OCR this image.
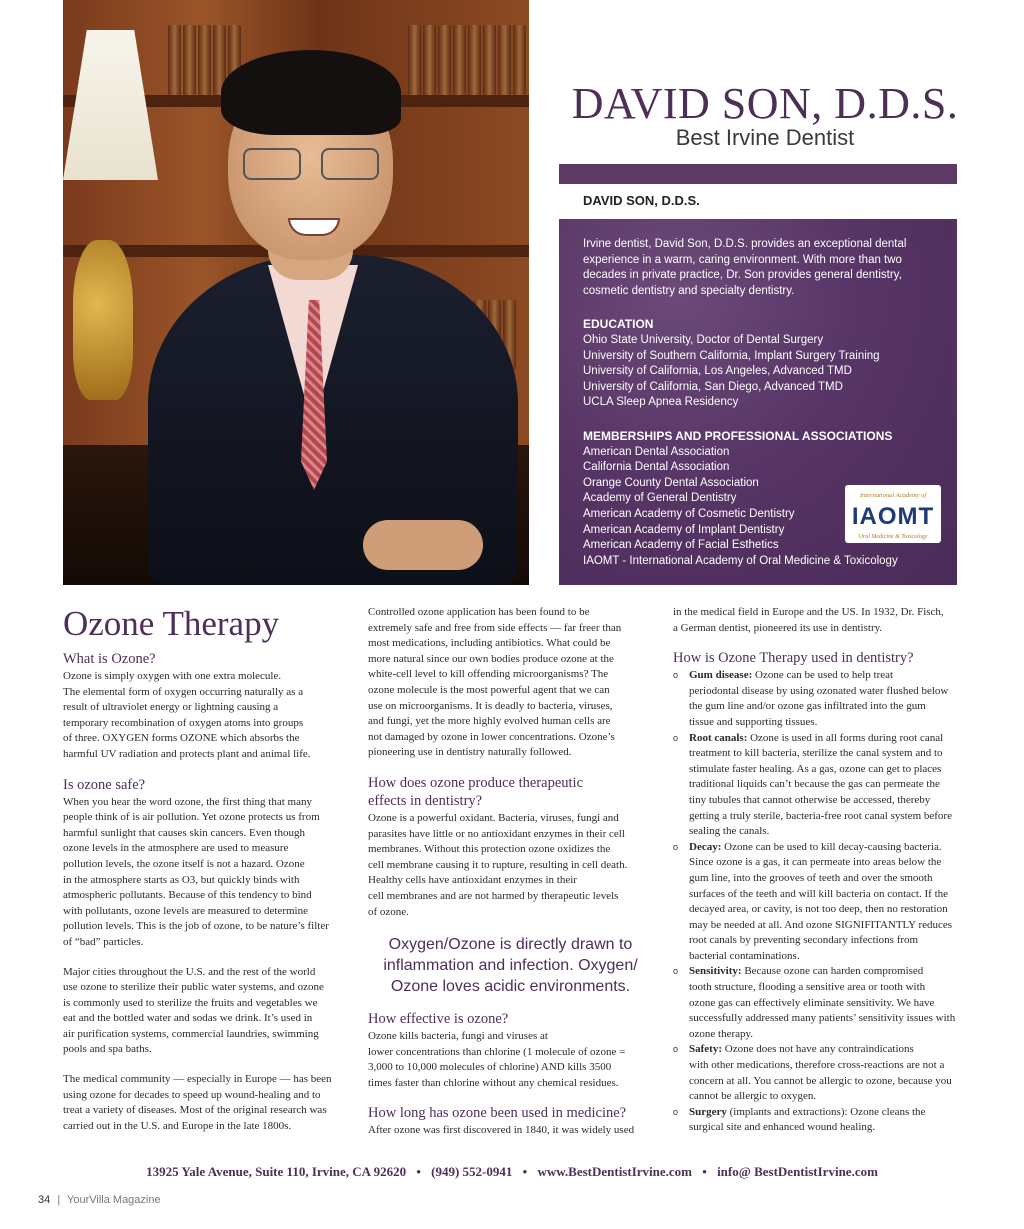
DAVID SON, D.D.S.
Best Irvine Dentist
DAVID SON, D.D.S.

Irvine dentist, David Son, D.D.S. provides an exceptional dental experience in a warm, caring environment. With more than two decades in private practice, Dr. Son provides general dentistry, cosmetic dentistry and specialty dentistry.

EDUCATION
Ohio State University, Doctor of Dental Surgery
University of Southern California, Implant Surgery Training
University of California, Los Angeles, Advanced TMD
University of California, San Diego, Advanced TMD
UCLA Sleep Apnea Residency
MEMBERSHIPS AND PROFESSIONAL ASSOCIATIONS
American Dental Association
California Dental Association
Orange County Dental Association
Academy of General Dentistry
American Academy of Cosmetic Dentistry
American Academy of Implant Dentistry
American Academy of Facial Esthetics
IAOMT - International Academy of Oral Medicine & Toxicology
International Academy of
IAOMT
Oral Medicine & Toxicology
Ozone Therapy
What is Ozone?

Ozone is simply oxygen with one extra molecule.

The elemental form of oxygen occurring naturally as a

result of ultraviolet energy or lightning causing a

temporary recombination of oxygen atoms into groups

of three. OXYGEN forms OZONE which absorbs the

harmful UV radiation and protects plant and animal life.

Is ozone safe?

When you hear the word ozone, the first thing that many

people think of is air pollution. Yet ozone protects us from

harmful sunlight that causes skin cancers. Even though

ozone levels in the atmosphere are used to measure

pollution levels, the ozone itself is not a hazard. Ozone

in the atmosphere starts as O3, but quickly binds with

atmospheric pollutants. Because of this tendency to bind

with pollutants, ozone levels are measured to determine

pollution levels. This is the job of ozone, to be nature’s filter

of “bad” particles.

Major cities throughout the U.S. and the rest of the world

use ozone to sterilize their public water systems, and ozone

is commonly used to sterilize the fruits and vegetables we

eat and the bottled water and sodas we drink. It’s used in

air purification systems, commercial laundries, swimming

pools and spa baths.

The medical community — especially in Europe — has been

using ozone for decades to speed up wound-healing and to

treat a variety of diseases. Most of the original research was

carried out in the U.S. and Europe in the late 1800s.

Controlled ozone application has been found to be

extremely safe and free from side effects — far freer than

most medications, including antibiotics. What could be

more natural since our own bodies produce ozone at the

white-cell level to kill offending microorganisms? The

ozone molecule is the most powerful agent that we can

use on microorganisms. It is deadly to bacteria, viruses,

and fungi, yet the more highly evolved human cells are

not damaged by ozone in lower concentrations. Ozone’s

pioneering use in dentistry naturally followed.

How does ozone produce therapeutic
effects in dentistry?

Ozone is a powerful oxidant. Bacteria, viruses, fungi and

parasites have little or no antioxidant enzymes in their cell

membranes. Without this protection ozone oxidizes the

cell membrane causing it to rupture, resulting in cell death.

Healthy cells have antioxidant enzymes in their

cell membranes and are not harmed by therapeutic levels

of ozone.

Oxygen/Ozone is directly drawn to
inflammation and infection. Oxygen/
Ozone loves acidic environments.
How effective is ozone?

Ozone kills bacteria, fungi and viruses at

lower concentrations than chlorine (1 molecule of ozone =

3,000 to 10,000 molecules of chlorine) AND kills 3500

times faster than chlorine without any chemical residues.

How long has ozone been used in medicine?

After ozone was first discovered in 1840, it was widely used

in the medical field in Europe and the US. In 1932, Dr. Fisch,

a German dentist, pioneered its use in dentistry.

How is Ozone Therapy used in dentistry?
o Gum disease: Ozone can be used to help treat
periodontal disease by using ozonated water flushed below
the gum line and/or ozone gas infiltrated into the gum
tissue and supporting tissues.
o Root canals: Ozone is used in all forms during root canal
treatment to kill bacteria, sterilize the canal system and to
stimulate faster healing. As a gas, ozone can get to places
traditional liquids can’t because the gas can permeate the
tiny tubules that cannot otherwise be accessed, thereby
getting a truly sterile, bacteria-free root canal system before
sealing the canals.
o Decay: Ozone can be used to kill decay-causing bacteria.
Since ozone is a gas, it can permeate into areas below the
gum line, into the grooves of teeth and over the smooth
surfaces of the teeth and will kill bacteria on contact. If the
decayed area, or cavity, is not too deep, then no restoration
may be needed at all. And ozone SIGNIFITANTLY reduces
root canals by preventing secondary infections from
bacterial contaminations.
o Sensitivity: Because ozone can harden compromised
tooth structure, flooding a sensitive area or tooth with
ozone gas can effectively eliminate sensitivity. We have
successfully addressed many patients’ sensitivity issues with
ozone therapy.
o Safety: Ozone does not have any contraindications
with other medications, therefore cross-reactions are not a
concern at all. You cannot be allergic to ozone, because you
cannot be allergic to oxygen.
o Surgery (implants and extractions): Ozone cleans the
surgical site and enhanced wound healing.
13925 Yale Avenue, Suite 110, Irvine, CA 92620 • (949) 552-0941 • www.BestDentistIrvine.com • info@ BestDentistIrvine.com
34 | YourVilla Magazine
